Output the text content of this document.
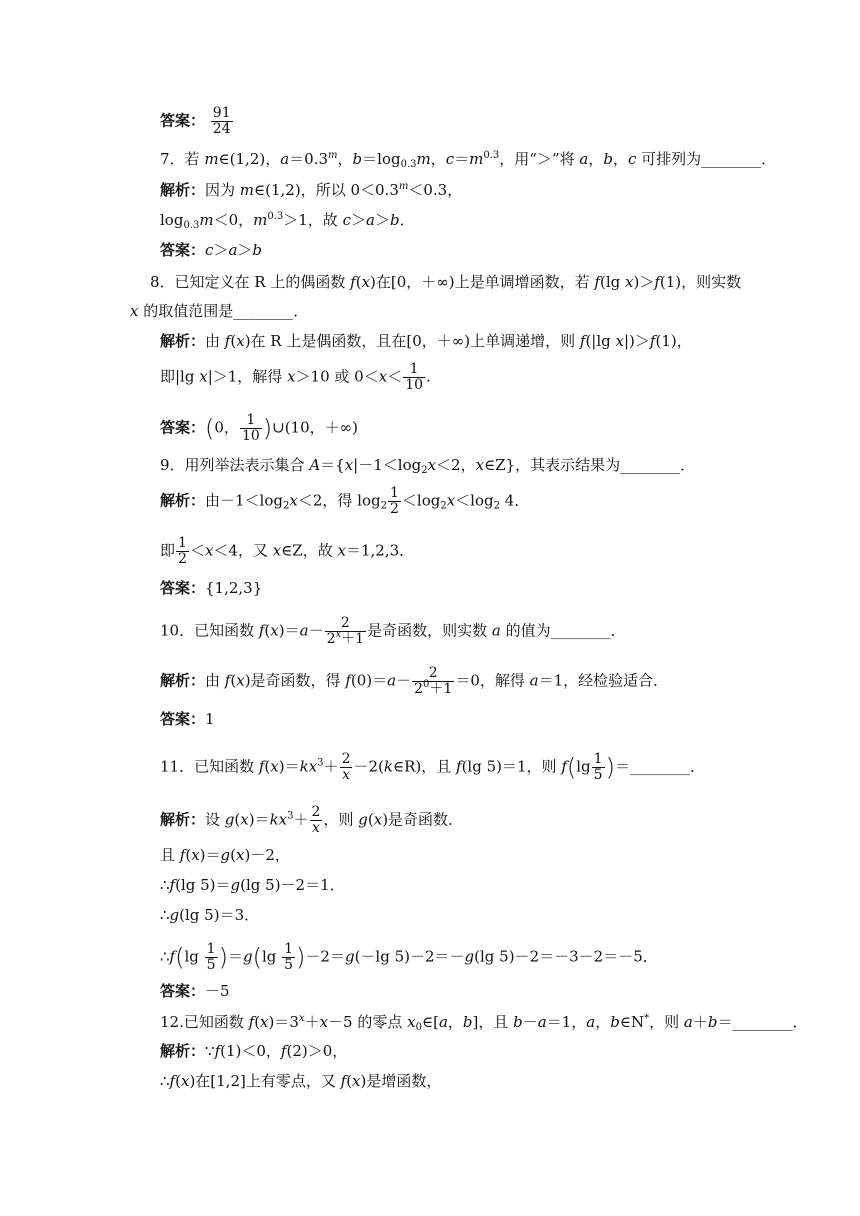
答案： $\frac{91}{24}$
7．若 m∈(1,2)，$a=0.3^m$，$b=\log_{0.3}m$，$c=m^{0.3}$，用“＞”将 a，b，c 可排列为________．
解析：因为 m∈(1,2)，所以 $0<0.3^m<0.3$，
$\log_{0.3}m<0$，$m^{0.3}>1$，故 c＞a＞b．
答案：c＞a＞b
8．已知定义在 R 上的偶函数 f(x)在[0，＋∞)上是单调增函数，若 f(lg x)＞f(1)，则实数
x 的取值范围是________．
解析：由 f(x)在 R 上是偶函数，且在[0，＋∞)上单调递增，则 f(|lg x|)＞f(1)，
即|lg x|＞1，解得 x＞10 或 $0<x< \frac{1}{10}$ .
答案：(0， $\frac{1}{10}$ )∪(10，＋∞)
9．用列举法表示集合 $A=\{x|-1<\log_2x<2$，x∈Z}，其表示结果为________．
解析：由$-1<\log_2x<2$，得 $\log_2 \frac{1}{2} <\log_2x<\log_2$ 4．
即 $\frac{1}{2} <x<4$，又 x∈Z，故 x＝1,2,3．
答案：{1,2,3}
10．已知函数 $f(x)=a- \frac{2}{2^x+1}$ 是奇函数，则实数 a 的值为________．
解析：由 f(x)是奇函数，得 $f(0)=a- \frac{2}{2^0+1} =0$，解得 a＝1，经检验适合．
答案：1
11．已知函数 $f(x)=kx^3+ \frac{2}{x}$ －2(k∈R)，且 f(lg 5)＝1，则 $f(\lg \frac{1}{5}$ )＝________．
解析：设 $g(x)=kx^3+ \frac{2}{x}$ ，则 g(x)是奇函数．
且 f(x)＝g(x)－2，
∴f(lg 5)＝g(lg 5)－2＝1．
∴g(lg 5)＝3．
∴f(lg $\frac{1}{5} )=g(\lg \frac{1}{5} )-2=g(-\lg$ 5)－2＝－g(lg 5)－2＝－3－2＝－5．
答案：－5
12.已知函数 $f(x)=3^x+x-5$ 的零点 $x_0\in[a$，b]，且 b－a＝1，a，b∈N*，则 a＋b＝________．
解析：∵f(1)＜0，f(2)＞0，
∴f(x)在[1,2]上有零点，又 f(x)是增函数，
